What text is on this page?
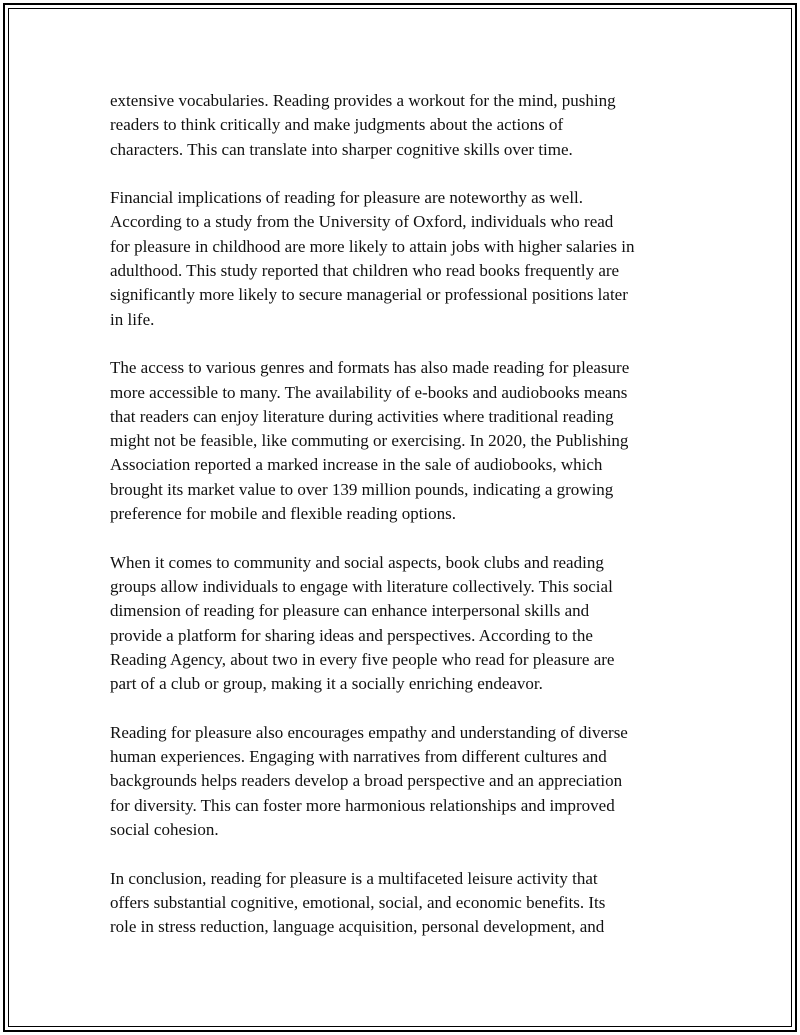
extensive vocabularies. Reading provides a workout for the mind, pushing
readers to think critically and make judgments about the actions of
characters. This can translate into sharper cognitive skills over time.

Financial implications of reading for pleasure are noteworthy as well.
According to a study from the University of Oxford, individuals who read
for pleasure in childhood are more likely to attain jobs with higher salaries in
adulthood. This study reported that children who read books frequently are
significantly more likely to secure managerial or professional positions later
in life.

The access to various genres and formats has also made reading for pleasure
more accessible to many. The availability of e-books and audiobooks means
that readers can enjoy literature during activities where traditional reading
might not be feasible, like commuting or exercising. In 2020, the Publishing
Association reported a marked increase in the sale of audiobooks, which
brought its market value to over 139 million pounds, indicating a growing
preference for mobile and flexible reading options.

When it comes to community and social aspects, book clubs and reading
groups allow individuals to engage with literature collectively. This social
dimension of reading for pleasure can enhance interpersonal skills and
provide a platform for sharing ideas and perspectives. According to the
Reading Agency, about two in every five people who read for pleasure are
part of a club or group, making it a socially enriching endeavor.

Reading for pleasure also encourages empathy and understanding of diverse
human experiences. Engaging with narratives from different cultures and
backgrounds helps readers develop a broad perspective and an appreciation
for diversity. This can foster more harmonious relationships and improved
social cohesion.

In conclusion, reading for pleasure is a multifaceted leisure activity that
offers substantial cognitive, emotional, social, and economic benefits. Its
role in stress reduction, language acquisition, personal development, and
